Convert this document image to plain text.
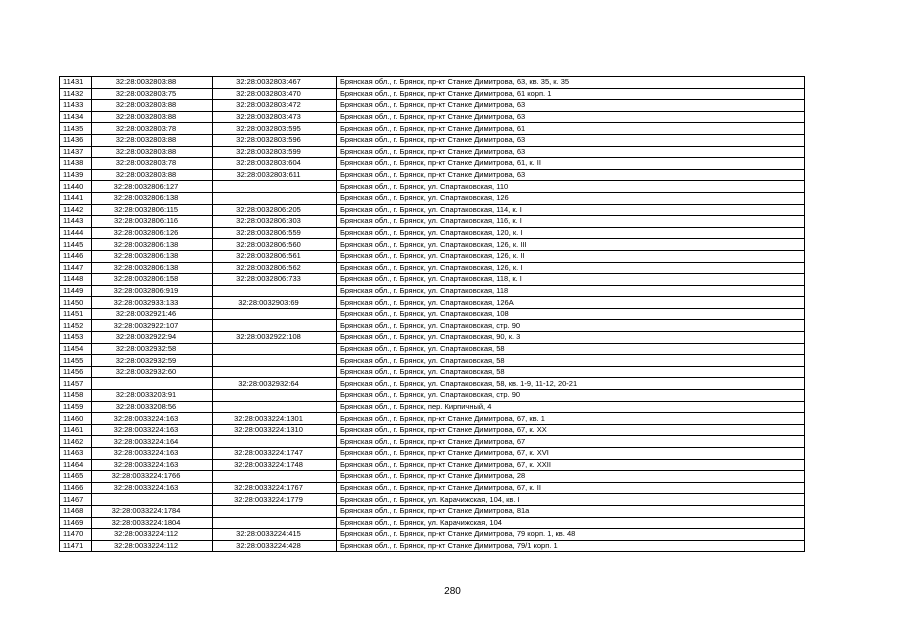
11431	32:28:0032803:88	32:28:0032803:467	Брянская обл., г. Брянск, пр-кт Станке Димитрова, 63, кв. 35, к. 35
11432	32:28:0032803:75	32:28:0032803:470	Брянская обл., г. Брянск, пр-кт Станке Димитрова, 61 корп. 1
11433	32:28:0032803:88	32:28:0032803:472	Брянская обл., г. Брянск, пр-кт Станке Димитрова, 63
11434	32:28:0032803:88	32:28:0032803:473	Брянская обл., г. Брянск, пр-кт Станке Димитрова, 63
11435	32:28:0032803:78	32:28:0032803:595	Брянская обл., г. Брянск, пр-кт Станке Димитрова, 61
11436	32:28:0032803:88	32:28:0032803:596	Брянская обл., г. Брянск, пр-кт Станке Димитрова, 63
11437	32:28:0032803:88	32:28:0032803:599	Брянская обл., г. Брянск, пр-кт Станке Димитрова, 63
11438	32:28:0032803:78	32:28:0032803:604	Брянская обл., г. Брянск, пр-кт Станке Димитрова, 61, к. II
11439	32:28:0032803:88	32:28:0032803:611	Брянская обл., г. Брянск, пр-кт Станке Димитрова, 63
11440	32:28:0032806:127		Брянская обл., г. Брянск, ул. Спартаковская, 110
11441	32:28:0032806:138		Брянская обл., г. Брянск, ул. Спартаковская, 126
11442	32:28:0032806:115	32:28:0032806:205	Брянская обл., г. Брянск, ул. Спартаковская, 114, к. I
11443	32:28:0032806:116	32:28:0032806:303	Брянская обл., г. Брянск, ул. Спартаковская, 116, к. I
11444	32:28:0032806:126	32:28:0032806:559	Брянская обл., г. Брянск, ул. Спартаковская, 120, к. I
11445	32:28:0032806:138	32:28:0032806:560	Брянская обл., г. Брянск, ул. Спартаковская, 126, к. III
11446	32:28:0032806:138	32:28:0032806:561	Брянская обл., г. Брянск, ул. Спартаковская, 126, к. II
11447	32:28:0032806:138	32:28:0032806:562	Брянская обл., г. Брянск, ул. Спартаковская, 126, к. I
11448	32:28:0032806:158	32:28:0032806:733	Брянская обл., г. Брянск, ул. Спартаковская, 118, к. I
11449	32:28:0032806:919		Брянская обл., г. Брянск, ул. Спартаковская, 118
11450	32:28:0032933:133	32:28:0032903:69	Брянская обл., г. Брянск, ул. Спартаковская, 126А
11451	32:28:0032921:46		Брянская обл., г. Брянск, ул. Спартаковская, 108
11452	32:28:0032922:107		Брянская обл., г. Брянск, ул. Спартаковская, стр. 90
11453	32:28:0032922:94	32:28:0032922:108	Брянская обл., г. Брянск, ул. Спартаковская, 90, к. 3
11454	32:28:0032932:58		Брянская обл., г. Брянск, ул. Спартаковская, 58
11455	32:28:0032932:59		Брянская обл., г. Брянск, ул. Спартаковская, 58
11456	32:28:0032932:60		Брянская обл., г. Брянск, ул. Спартаковская, 58
11457		32:28:0032932:64	Брянская обл., г. Брянск, ул. Спартаковская, 58, кв. 1-9, 11-12, 20-21
11458	32:28:0033203:91		Брянская обл., г. Брянск, ул. Спартаковская, стр. 90
11459	32:28:0033208:56		Брянская обл., г. Брянск, пер. Кирпичный, 4
11460	32:28:0033224:163	32:28:0033224:1301	Брянская обл., г. Брянск, пр-кт Станке Димитрова, 67, кв. 1
11461	32:28:0033224:163	32:28:0033224:1310	Брянская обл., г. Брянск, пр-кт Станке Димитрова, 67, к. XX
11462	32:28:0033224:164		Брянская обл., г. Брянск, пр-кт Станке Димитрова, 67
11463	32:28:0033224:163	32:28:0033224:1747	Брянская обл., г. Брянск, пр-кт Станке Димитрова, 67, к. XVI
11464	32:28:0033224:163	32:28:0033224:1748	Брянская обл., г. Брянск, пр-кт Станке Димитрова, 67, к. XXII
11465	32:28:0033224:1766		Брянская обл., г. Брянск, пр-кт Станке Димитрова, 28
11466	32:28:0033224:163	32:28:0033224:1767	Брянская обл., г. Брянск, пр-кт Станке Димитрова, 67, к. II
11467		32:28:0033224:1779	Брянская обл., г. Брянск, ул. Карачижская, 104, кв. I
11468	32:28:0033224:1784		Брянская обл., г. Брянск, пр-кт Станке Димитрова, 81а
11469	32:28:0033224:1804		Брянская обл., г. Брянск, ул. Карачижская, 104
11470	32:28:0033224:112	32:28:0033224:415	Брянская обл., г. Брянск, пр-кт Станке Димитрова, 79 корп. 1, кв. 48
11471	32:28:0033224:112	32:28:0033224:428	Брянская обл., г. Брянск, пр-кт Станке Димитрова, 79/1 корп. 1
280
